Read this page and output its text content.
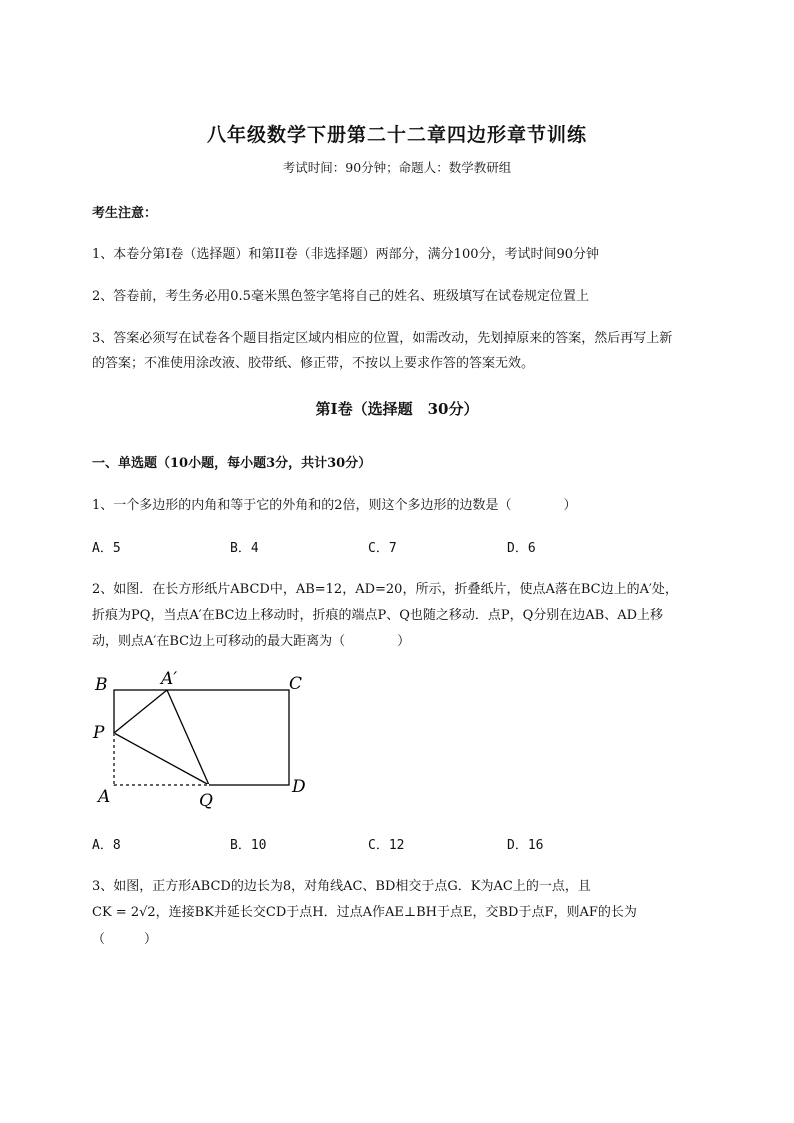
八年级数学下册第二十二章四边形章节训练
考试时间：90分钟；命题人：数学教研组
考生注意：
1、本卷分第I卷（选择题）和第II卷（非选择题）两部分，满分100分，考试时间90分钟
2、答卷前，考生务必用0.5毫米黑色签字笔将自己的姓名、班级填写在试卷规定位置上
3、答案必须写在试卷各个题目指定区域内相应的位置，如需改动，先划掉原来的答案，然后再写上新
的答案；不准使用涂改液、胶带纸、修正带，不按以上要求作答的答案无效。
第I卷（选择题　30分）
一、单选题（10小题，每小题3分，共计30分）
1、一个多边形的内角和等于它的外角和的2倍，则这个多边形的边数是（　　　　）
A．5	B．4	C．7	D．6
2、如图．在长方形纸片ABCD中，AB=12，AD=20，所示，折叠纸片，使点A落在BC边上的A′处，
折痕为PQ，当点A′在BC边上移动时，折痕的端点P、Q也随之移动．点P，Q分别在边AB、AD上移
动，则点A′在BC边上可移动的最大距离为（　　　　）
B	A′	C
P
A	Q
D
A．8	B．10	C．12	D．16
3、如图，正方形ABCD的边长为8，对角线AC、BD相交于点G．K为AC上的一点，且
CK = 2√2，连接BK并延长交CD于点H．过点A作AE⊥BH于点E，交BD于点F，则AF的长为
（　　　）
